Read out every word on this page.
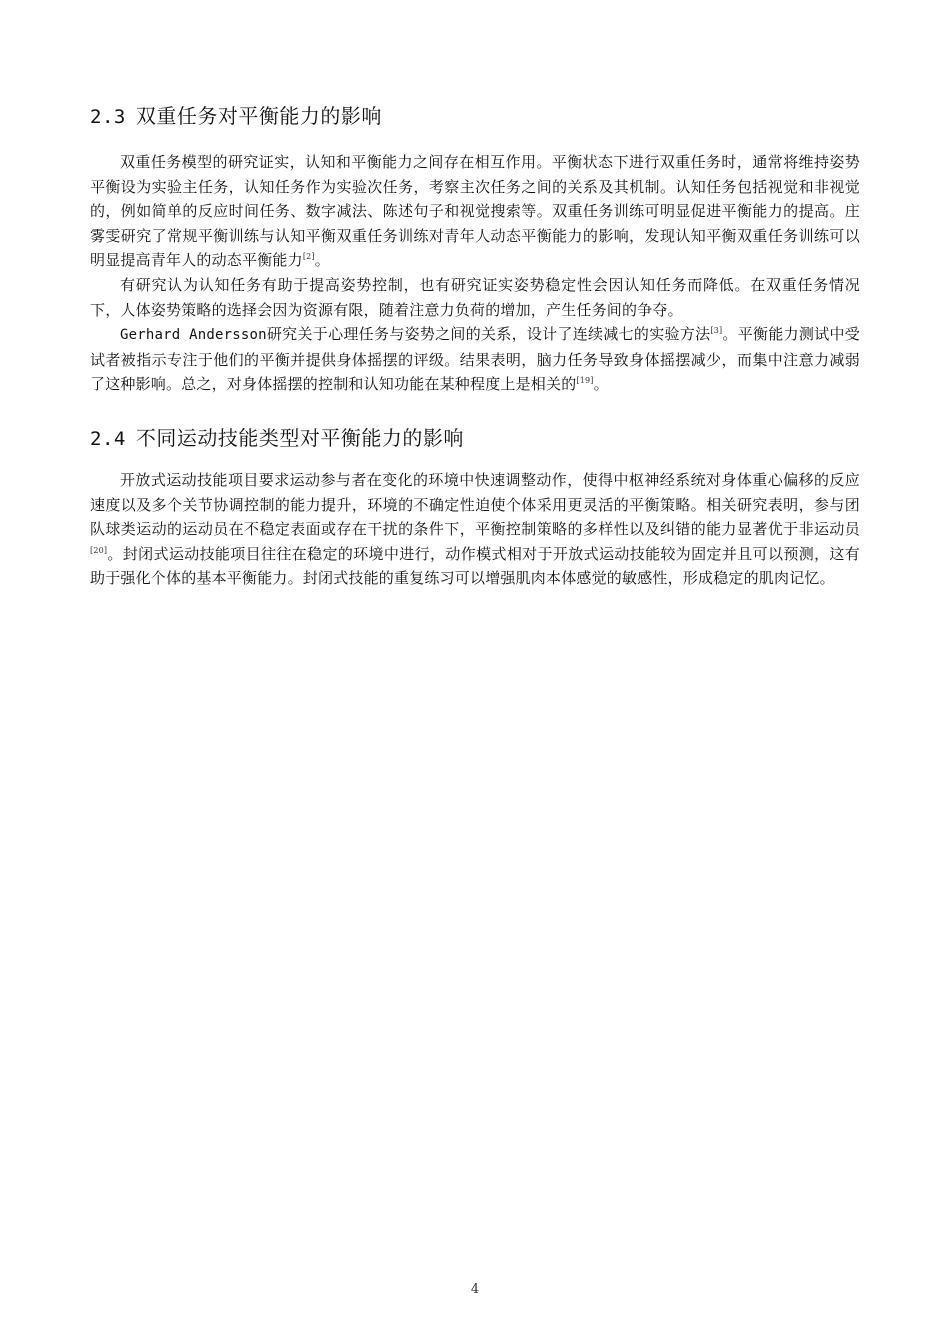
2.3 双重任务对平衡能力的影响

双重任务模型的研究证实，认知和平衡能力之间存在相互作用。平衡状态下进行双重任务时，通常将维持姿势平衡设为实验主任务，认知任务作为实验次任务，考察主次任务之间的关系及其机制。认知任务包括视觉和非视觉的，例如简单的反应时间任务、数字减法、陈述句子和视觉搜索等。双重任务训练可明显促进平衡能力的提高。庄雾雯研究了常规平衡训练与认知平衡双重任务训练对青年人动态平衡能力的影响，发现认知平衡双重任务训练可以明显提高青年人的动态平衡能力[2]。

有研究认为认知任务有助于提高姿势控制，也有研究证实姿势稳定性会因认知任务而降低。在双重任务情况下，人体姿势策略的选择会因为资源有限，随着注意力负荷的增加，产生任务间的争夺。

Gerhard Andersson研究关于心理任务与姿势之间的关系，设计了连续减七的实验方法[3]。平衡能力测试中受试者被指示专注于他们的平衡并提供身体摇摆的评级。结果表明，脑力任务导致身体摇摆减少，而集中注意力减弱了这种影响。总之，对身体摇摆的控制和认知功能在某种程度上是相关的[19]。

2.4 不同运动技能类型对平衡能力的影响

开放式运动技能项目要求运动参与者在变化的环境中快速调整动作，使得中枢神经系统对身体重心偏移的反应速度以及多个关节协调控制的能力提升，环境的不确定性迫使个体采用更灵活的平衡策略。相关研究表明，参与团队球类运动的运动员在不稳定表面或存在干扰的条件下，平衡控制策略的多样性以及纠错的能力显著优于非运动员[20]。封闭式运动技能项目往往在稳定的环境中进行，动作模式相对于开放式运动技能较为固定并且可以预测，这有助于强化个体的基本平衡能力。封闭式技能的重复练习可以增强肌肉本体感觉的敏感性，形成稳定的肌肉记忆。

4
